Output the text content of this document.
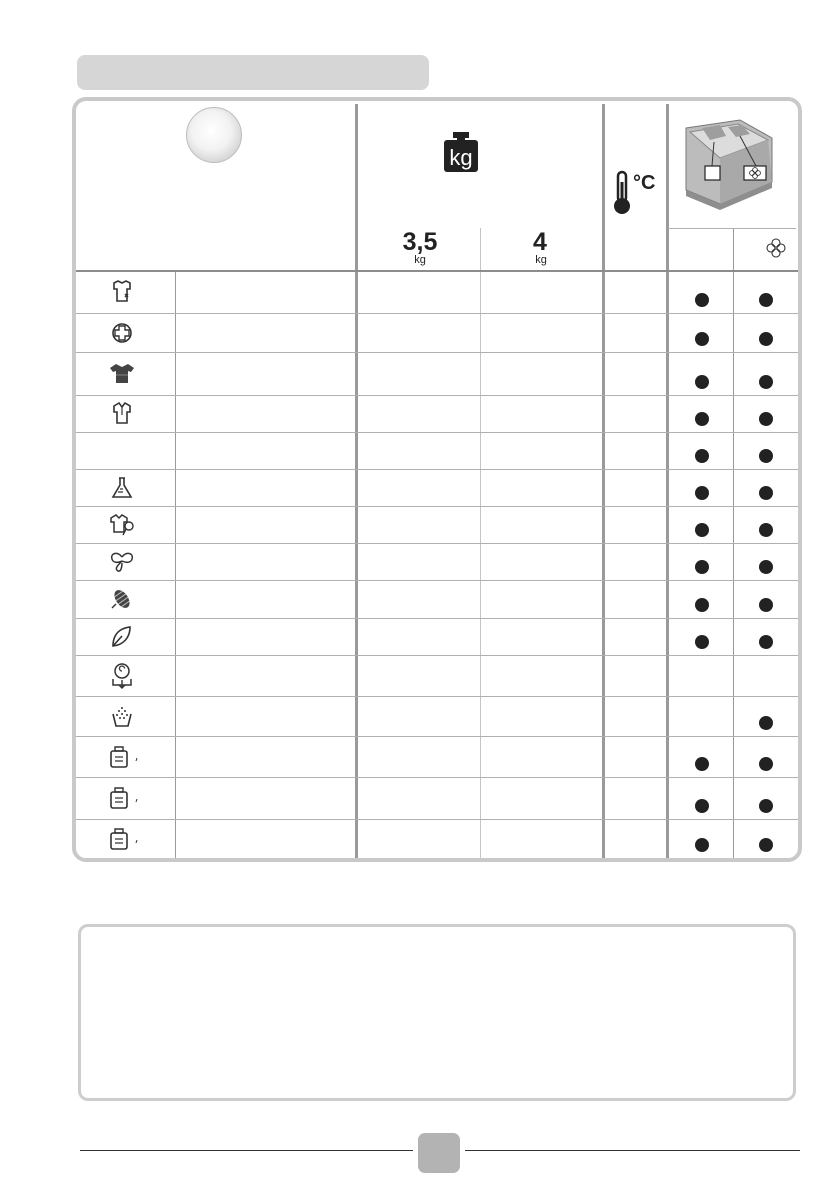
kg
°C
3,5
kg
4
kg
